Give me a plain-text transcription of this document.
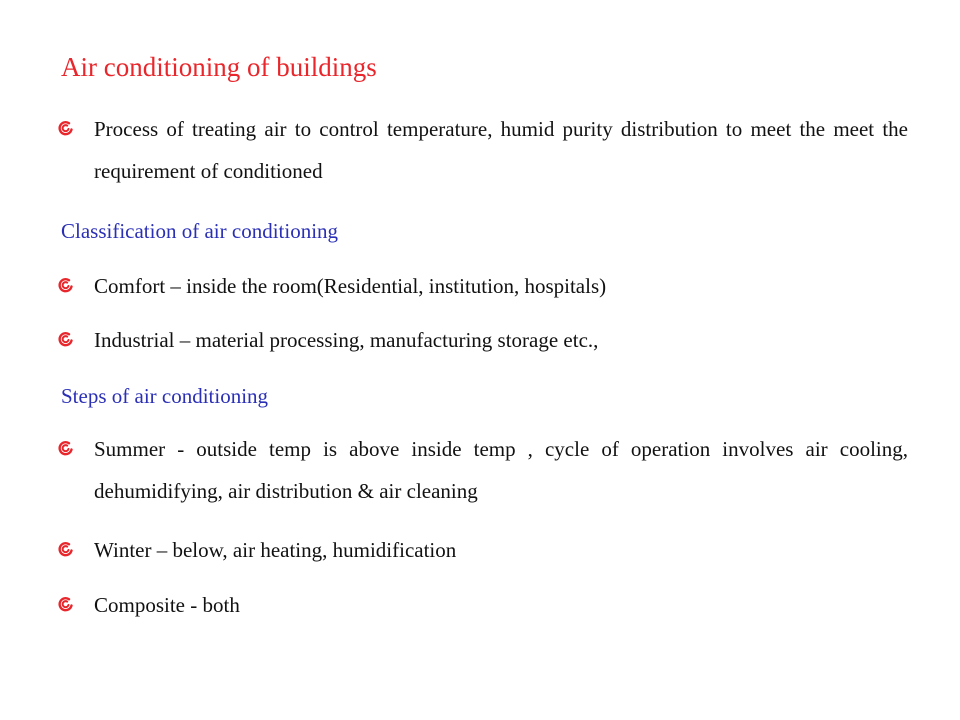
Air conditioning of buildings
Process of treating air to control temperature, humid purity distribution to meet the meet the requirement of conditioned
Classification of air conditioning
Comfort – inside the room(Residential, institution, hospitals)
Industrial – material processing, manufacturing storage etc.,
Steps of air conditioning
Summer - outside temp is above inside temp , cycle of operation involves air cooling, dehumidifying, air distribution & air cleaning
Winter – below, air heating, humidification
Composite - both
